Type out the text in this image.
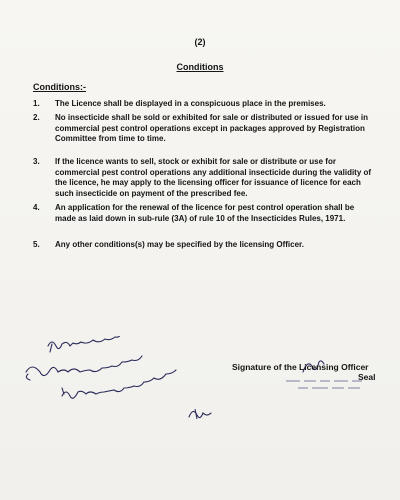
(2)
Conditions
Conditions:-
1.	The Licence shall be displayed in a conspicuous place in the premises.
2.	No insecticide shall be sold or exhibited for sale or distributed or issued for use in commercial pest control operations except in packages approved by Registration Committee from time to time.
3.	If the licence wants to sell, stock or exhibit for sale or distribute or use for commercial pest control operations any additional insecticide during the validity of the licence, he may apply to the licensing officer for issuance of licence for each such insecticide on payment of the prescribed fee.
4.	An application for the renewal of the licence for pest control operation shall be made as laid down in sub-rule (3A) of rule 10 of the Insecticides Rules, 1971.
5.	Any other conditions(s) may be specified by the licensing Officer.
Signature of the Licensing Officer
Seal
